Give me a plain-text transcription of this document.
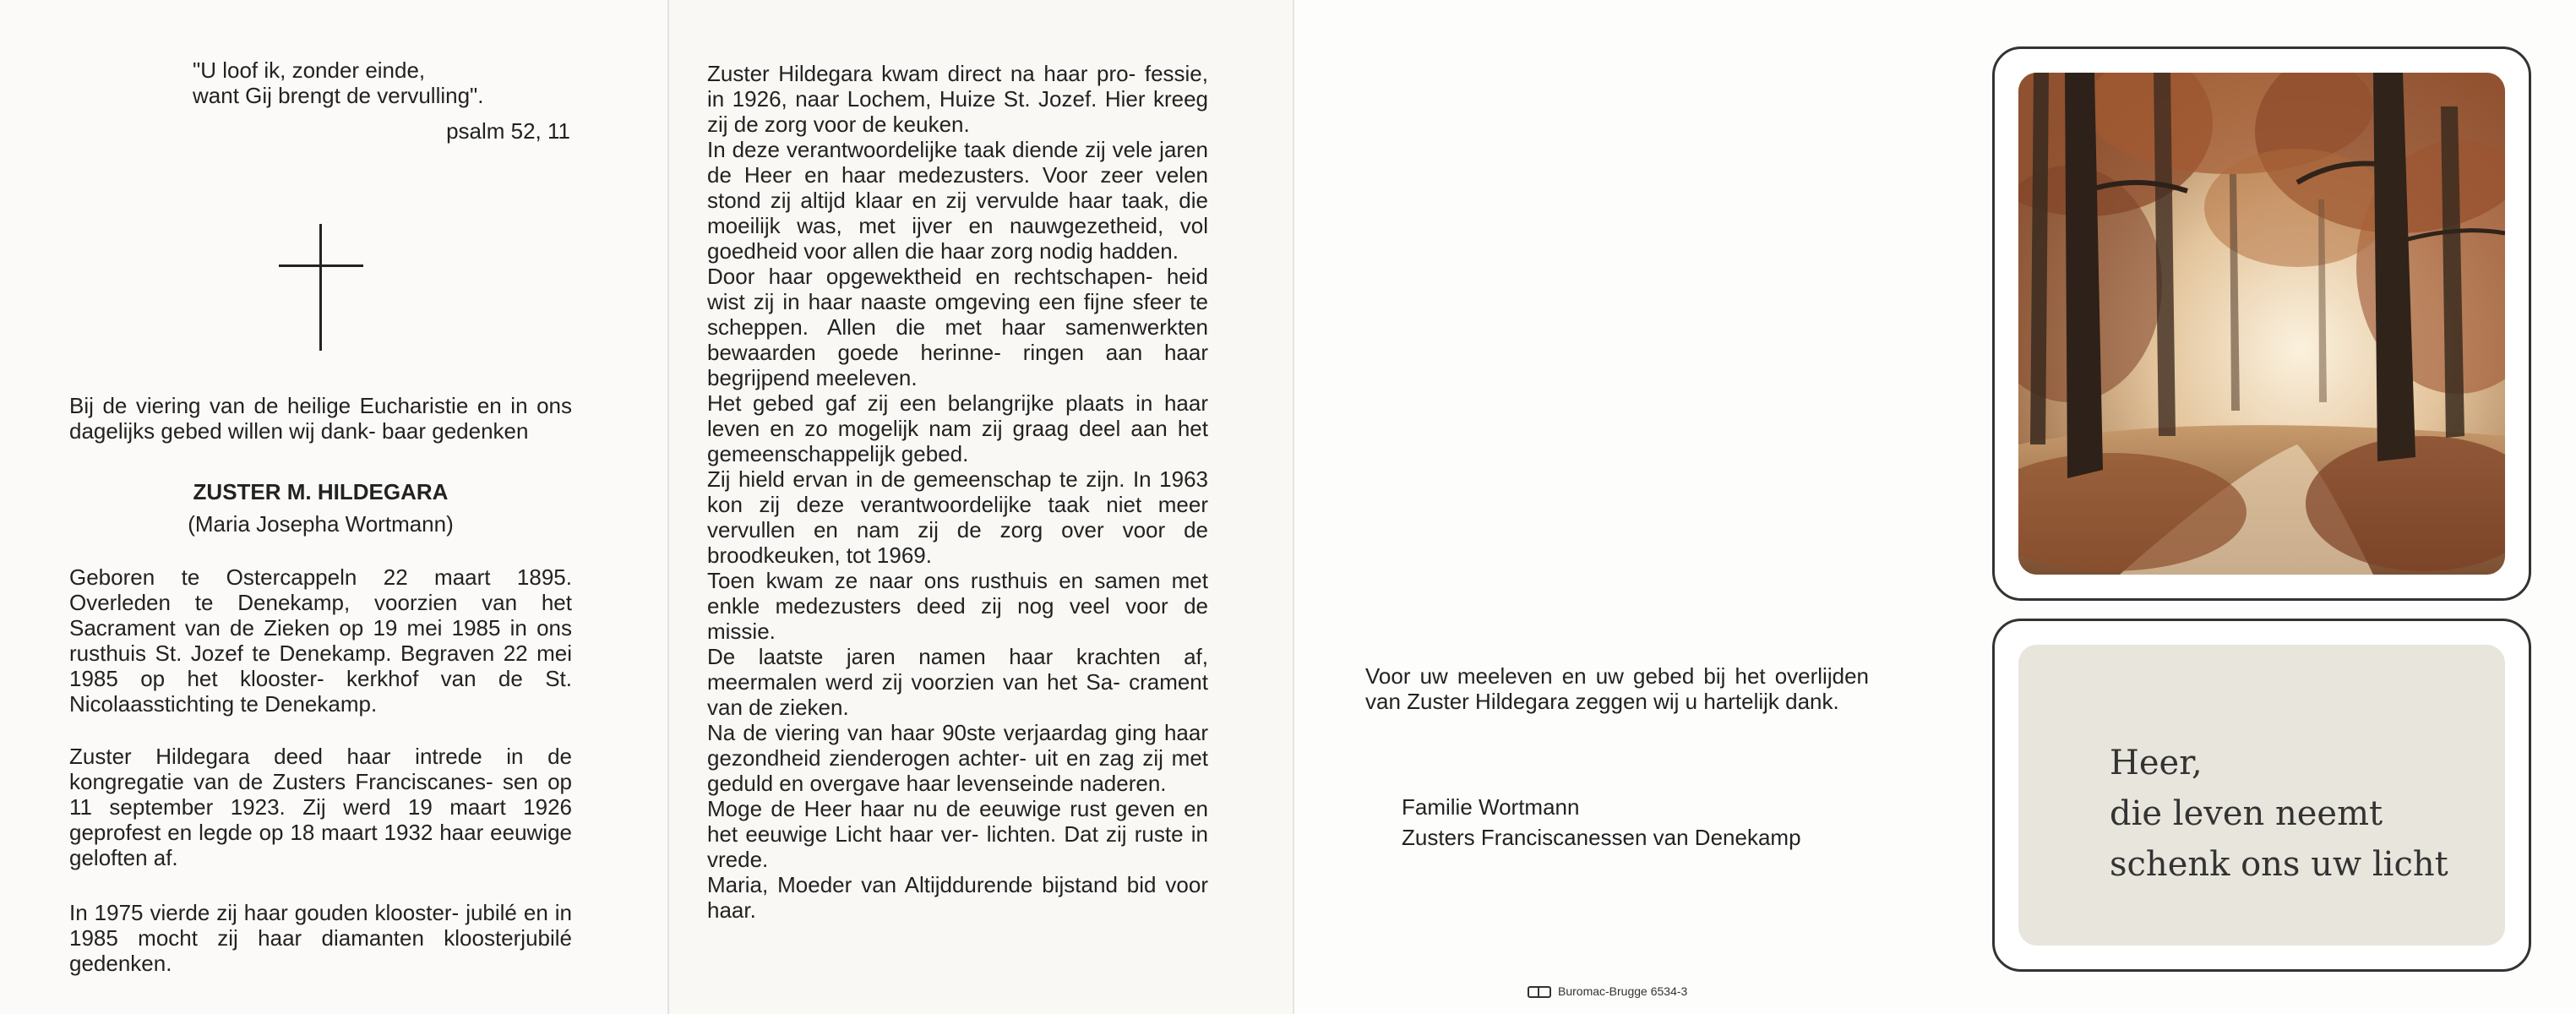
"U loof ik, zonder einde,

want Gij brengt de vervulling".

psalm 52, 11
Bij de viering van de heilige Eucharistie en in ons dagelijks gebed willen wij dank- baar gedenken
ZUSTER M. HILDEGARA
(Maria Josepha Wortmann)
Geboren te Ostercappeln 22 maart 1895. Overleden te Denekamp, voorzien van het Sacrament van de Zieken op 19 mei 1985 in ons rusthuis St. Jozef te Denekamp. Begraven 22 mei 1985 op het klooster- kerkhof van de St. Nicolaasstichting te Denekamp.
Zuster Hildegara deed haar intrede in de kongregatie van de Zusters Franciscanes- sen op 11 september 1923. Zij werd 19 maart 1926 geprofest en legde op 18 maart 1932 haar eeuwige geloften af.
In 1975 vierde zij haar gouden klooster- jubilé en in 1985 mocht zij haar diamanten kloosterjubilé gedenken.
Zuster Hildegara kwam direct na haar pro- fessie, in 1926, naar Lochem, Huize St. Jozef. Hier kreeg zij de zorg voor de keuken.
In deze verantwoordelijke taak diende zij vele jaren de Heer en haar medezusters. Voor zeer velen stond zij altijd klaar en zij vervulde haar taak, die moeilijk was, met ijver en nauwgezetheid, vol goedheid voor allen die haar zorg nodig hadden.
Door haar opgewektheid en rechtschapen- heid wist zij in haar naaste omgeving een fijne sfeer te scheppen. Allen die met haar samenwerkten bewaarden goede herinne- ringen aan haar begrijpend meeleven.
Het gebed gaf zij een belangrijke plaats in haar leven en zo mogelijk nam zij graag deel aan het gemeenschappelijk gebed.
Zij hield ervan in de gemeenschap te zijn. In 1963 kon zij deze verantwoordelijke taak niet meer vervullen en nam zij de zorg over voor de broodkeuken, tot 1969.
Toen kwam ze naar ons rusthuis en samen met enkle medezusters deed zij nog veel voor de missie.
De laatste jaren namen haar krachten af, meermalen werd zij voorzien van het Sa- crament van de zieken.
Na de viering van haar 90ste verjaardag ging haar gezondheid zienderogen achter- uit en zag zij met geduld en overgave haar levenseinde naderen.
Moge de Heer haar nu de eeuwige rust geven en het eeuwige Licht haar ver- lichten. Dat zij ruste in vrede.
Maria, Moeder van Altijddurende bijstand bid voor haar.
Voor uw meeleven en uw gebed bij het overlijden van Zuster Hildegara zeggen wij u hartelijk dank.
Familie Wortmann
Zusters Franciscanessen van Denekamp
Heer,
die leven neemt
schenk ons uw licht
Buromac-Brugge 6534-3
